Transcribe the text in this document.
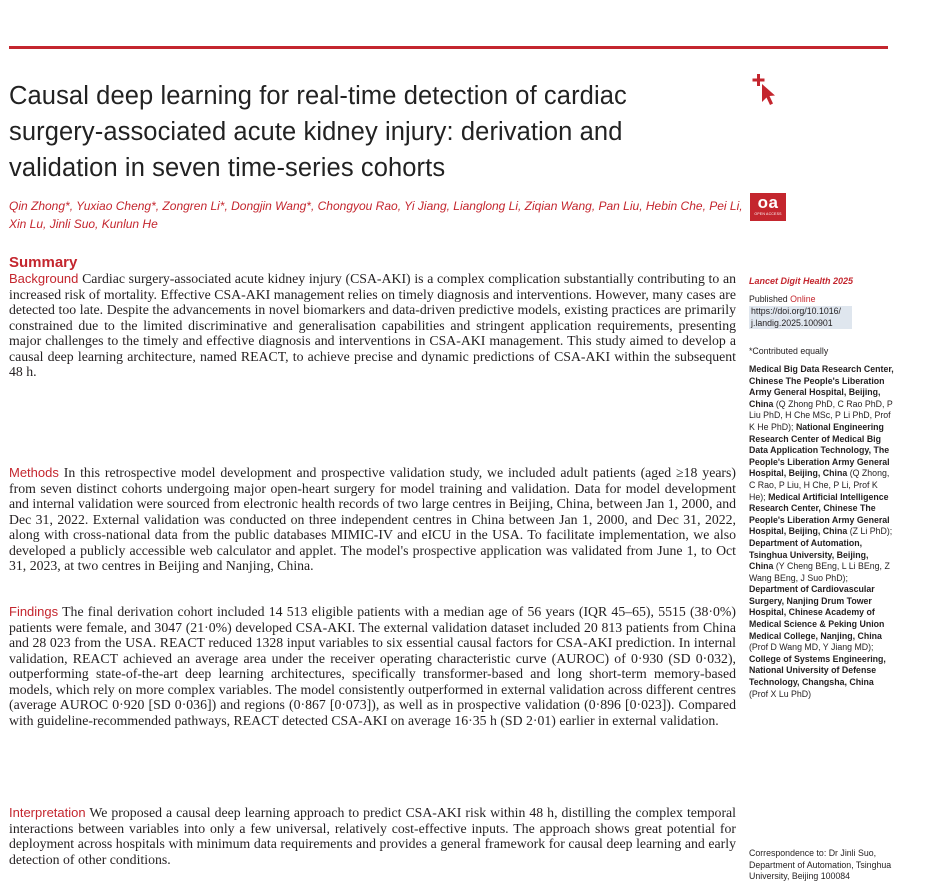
Causal deep learning for real-time detection of cardiac surgery-associated acute kidney injury: derivation and validation in seven time-series cohorts

Qin Zhong*, Yuxiao Cheng*, Zongren Li*, Dongjin Wang*, Chongyou Rao, Yi Jiang, Lianglong Li, Ziqian Wang, Pan Liu, Hebin Che, Pei Li, Xin Lu, Jinli Suo, Kunlun He

oa
OPEN ACCESS
Summary

Background Cardiac surgery-associated acute kidney injury (CSA-AKI) is a complex complication substantially contributing to an increased risk of mortality. Effective CSA-AKI management relies on timely diagnosis and interventions. However, many cases are detected too late. Despite the advancements in novel biomarkers and data-driven predictive models, existing practices are primarily constrained due to the limited discriminative and generalisation capabilities and stringent application requirements, presenting major challenges to the timely and effective diagnosis and interventions in CSA-AKI management. This study aimed to develop a causal deep learning architecture, named REACT, to achieve precise and dynamic predictions of CSA-AKI within the subsequent 48 h.

Methods In this retrospective model development and prospective validation study, we included adult patients (aged ≥18 years) from seven distinct cohorts undergoing major open-heart surgery for model training and validation. Data for model development and internal validation were sourced from electronic health records of two large centres in Beijing, China, between Jan 1, 2000, and Dec 31, 2022. External validation was conducted on three independent centres in China between Jan 1, 2000, and Dec 31, 2022, along with cross-national data from the public databases MIMIC-IV and eICU in the USA. To facilitate implementation, we also developed a publicly accessible web calculator and applet. The model's prospective application was validated from June 1, to Oct 31, 2023, at two centres in Beijing and Nanjing, China.

Findings The final derivation cohort included 14 513 eligible patients with a median age of 56 years (IQR 45–65), 5515 (38·0%) patients were female, and 3047 (21·0%) developed CSA-AKI. The external validation dataset included 20 813 patients from China and 28 023 from the USA. REACT reduced 1328 input variables to six essential causal factors for CSA-AKI prediction. In internal validation, REACT achieved an average area under the receiver operating characteristic curve (AUROC) of 0·930 (SD 0·032), outperforming state-of-the-art deep learning architectures, specifically transformer-based and long short-term memory-based models, which rely on more complex variables. The model consistently outperformed in external validation across different centres (average AUROC 0·920 [SD 0·036]) and regions (0·867 [0·073]), as well as in prospective validation (0·896 [0·023]). Compared with guideline-recommended pathways, REACT detected CSA-AKI on average 16·35 h (SD 2·01) earlier in external validation.

Interpretation We proposed a causal deep learning approach to predict CSA-AKI risk within 48 h, distilling the complex temporal interactions between variables into only a few universal, relatively cost-effective inputs. The approach shows great potential for deployment across hospitals with minimum data requirements and provides a general framework for causal deep learning and early detection of other conditions.

Lancet Digit Health 2025
Published Online
https://doi.org/10.1016/ j.landig.2025.100901
*Contributed equally
Medical Big Data Research Center, Chinese The People's Liberation Army General Hospital, Beijing, China (Q Zhong PhD, C Rao PhD, P Liu PhD, H Che MSc, P Li PhD, Prof K He PhD); National Engineering Research Center of Medical Big Data Application Technology, The People's Liberation Army General Hospital, Beijing, China (Q Zhong, C Rao, P Liu, H Che, P Li, Prof K He); Medical Artificial Intelligence Research Center, Chinese The People's Liberation Army General Hospital, Beijing, China (Z Li PhD); Department of Automation, Tsinghua University, Beijing, China (Y Cheng BEng, L Li BEng, Z Wang BEng, J Suo PhD); Department of Cardiovascular Surgery, Nanjing Drum Tower Hospital, Chinese Academy of Medical Science & Peking Union Medical College, Nanjing, China (Prof D Wang MD, Y Jiang MD); College of Systems Engineering, National University of Defense Technology, Changsha, China (Prof X Lu PhD)
Correspondence to: Dr Jinli Suo, Department of Automation, Tsinghua University, Beijing 100084
